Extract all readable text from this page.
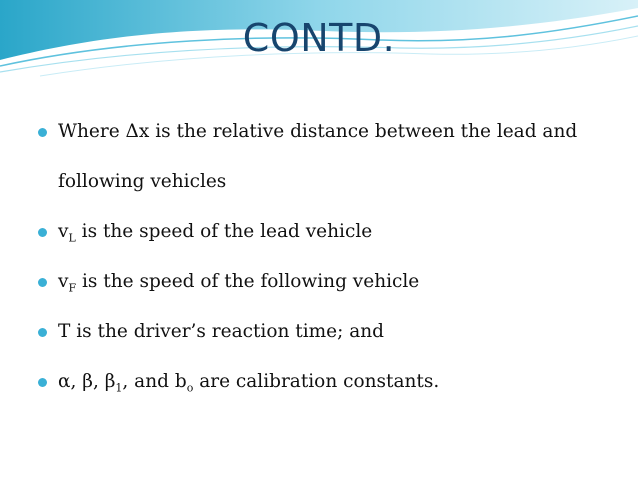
CONTD.
Where Δx is the relative distance between the lead and
following vehicles
$v_L$ is the speed of the lead vehicle
$v_F$ is the speed of the following vehicle
T is the driver’s reaction time; and
α, β, $\beta_1$, and $b_o$ are calibration constants.
